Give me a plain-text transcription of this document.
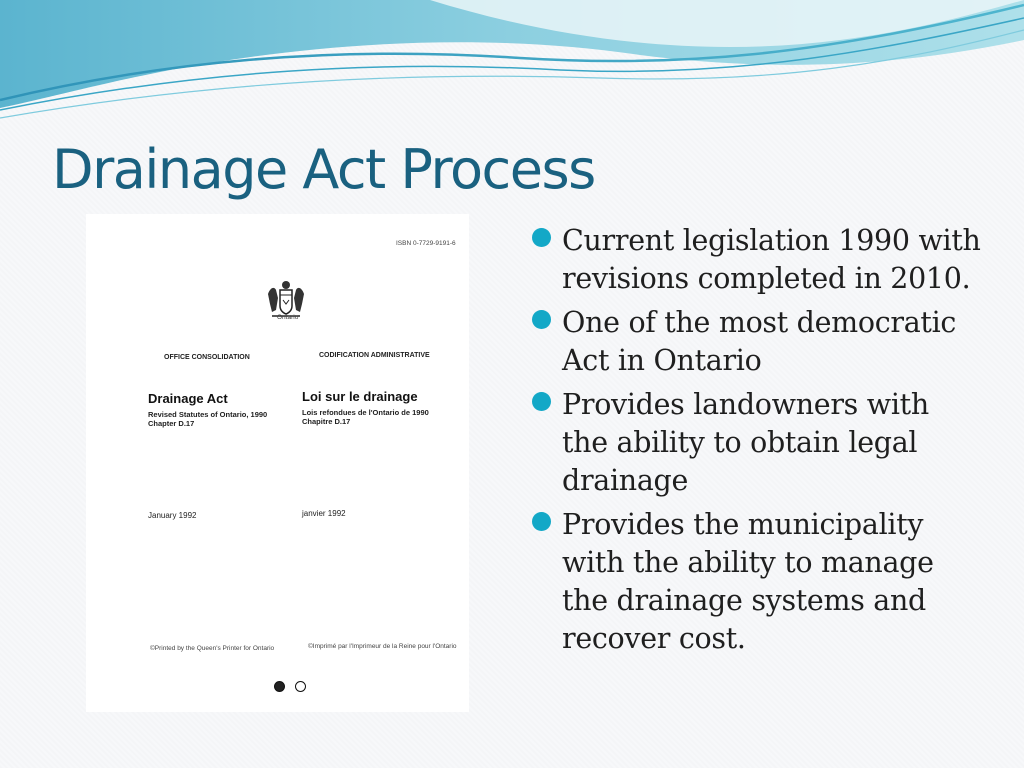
Drainage Act Process
ISBN 0-7729-9191-6
Ontario
OFFICE CONSOLIDATION	CODIFICATION ADMINISTRATIVE
Drainage Act
Revised Statutes of Ontario, 1990
Chapter D.17
Loi sur le drainage
Lois refondues de l'Ontario de 1990
Chapitre D.17
January 1992	janvier 1992
©Printed by the Queen's Printer for Ontario	©Imprimé par l'Imprimeur de la Reine pour l'Ontario
Current legislation 1990 with revisions completed in 2010.
One of the most democratic Act in Ontario
Provides landowners with the ability to obtain legal drainage
Provides the municipality with the ability to manage the drainage systems and recover cost.
